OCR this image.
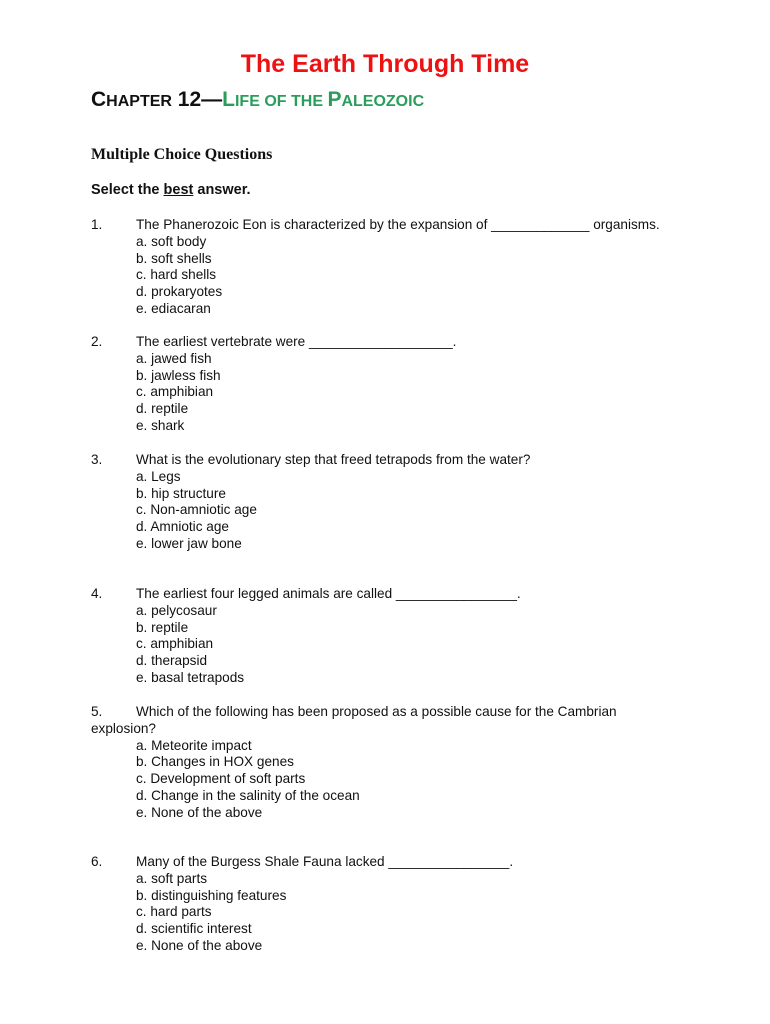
The Earth Through Time
CHAPTER 12—LIFE OF THE PALEOZOIC
Multiple Choice Questions
Select the best answer.
1. The Phanerozoic Eon is characterized by the expansion of _____________ organisms.
a. soft body
b. soft shells
c. hard shells
d. prokaryotes
e. ediacaran
2. The earliest vertebrate were ___________________.
a. jawed fish
b. jawless fish
c. amphibian
d. reptile
e. shark
3. What is the evolutionary step that freed tetrapods from the water?
a. Legs
b. hip structure
c. Non-amniotic age
d. Amniotic age
e. lower jaw bone
4. The earliest four legged animals are called ________________.
a. pelycosaur
b. reptile
c. amphibian
d. therapsid
e. basal tetrapods
5. Which of the following has been proposed as a possible cause for the Cambrian
explosion?
a. Meteorite impact
b. Changes in HOX genes
c. Development of soft parts
d. Change in the salinity of the ocean
e. None of the above
6. Many of the Burgess Shale Fauna lacked ________________.
a. soft parts
b. distinguishing features
c. hard parts
d. scientific interest
e. None of the above
